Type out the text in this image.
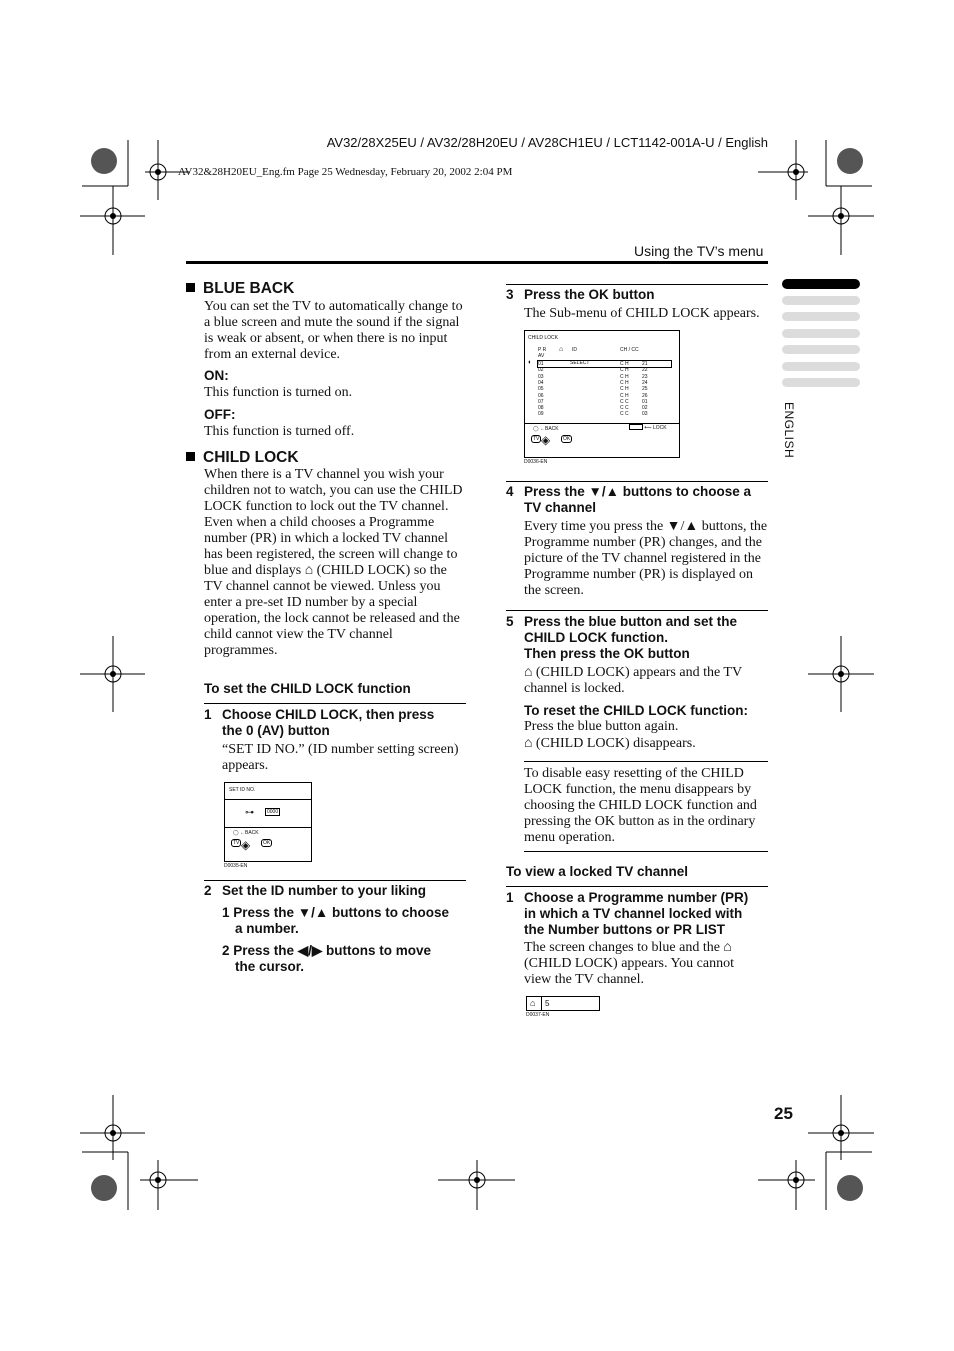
AV32/28X25EU / AV32/28H20EU / AV28CH1EU / LCT1142-001A-U / English
AV32&28H20EU_Eng.fm Page 25 Wednesday, February 20, 2002 2:04 PM
Using the TV’s menu
ENGLISH
BLUE BACK
You can set the TV to automatically change to a blue screen and mute the sound if the signal is weak or absent, or when there is no input from an external device.
ON:
This function is turned on.
OFF:
This function is turned off.
CHILD LOCK
When there is a TV channel you wish your children not to watch, you can use the CHILD LOCK function to lock out the TV channel. Even when a child chooses a Programme number (PR) in which a locked TV channel has been registered, the screen will change to blue and displays ⌂ (CHILD LOCK) so the TV channel cannot be viewed. Unless you enter a pre-set ID number by a special operation, the lock cannot be released and the child cannot view the TV channel programmes.
To set the CHILD LOCK function
1 Choose CHILD LOCK, then press
the 0 (AV) button
“SET ID NO.” (ID number setting screen) appears.
SET ID NO.
⊶	0000
◯ ←BACK
TV	OK
◈
D0035-EN
2 Set the ID number to your liking
1 Press the ▼/▲ buttons to choose
a number.
2 Press the ◀/▶ buttons to move
the cursor.
3 Press the OK button
The Sub-menu of CHILD LOCK appears.
CHILD LOCK
P R ⌂ ID	CH / CC
AV
SELECT
◐ 01	C H	21
02	C H	22
03	C H	23
04	C H	24
05	C H	25
06	C H	26
07	C C	01
08	C C	02
09	C C	03
◯ ←BACK	⟵ LOCK
TV ◈	OK
D0036-EN
4 Press the ▼/▲ buttons to choose a
TV channel
Every time you press the ▼/▲ buttons, the Programme number (PR) changes, and the picture of the TV channel registered in the Programme number (PR) is displayed on the screen.
5 Press the blue button and set the
CHILD LOCK function.
Then press the OK button
⌂ (CHILD LOCK) appears and the TV channel is locked.
To reset the CHILD LOCK function:
Press the blue button again.
⌂ (CHILD LOCK) disappears.
To disable easy resetting of the CHILD LOCK function, the menu disappears by choosing the CHILD LOCK function and pressing the OK button as in the ordinary menu operation.
To view a locked TV channel
1 Choose a Programme number (PR)
in which a TV channel locked with
the Number buttons or PR LIST
The screen changes to blue and the ⌂ (CHILD LOCK) appears. You cannot view the TV channel.
⌂ 5
D0037-EN
25
